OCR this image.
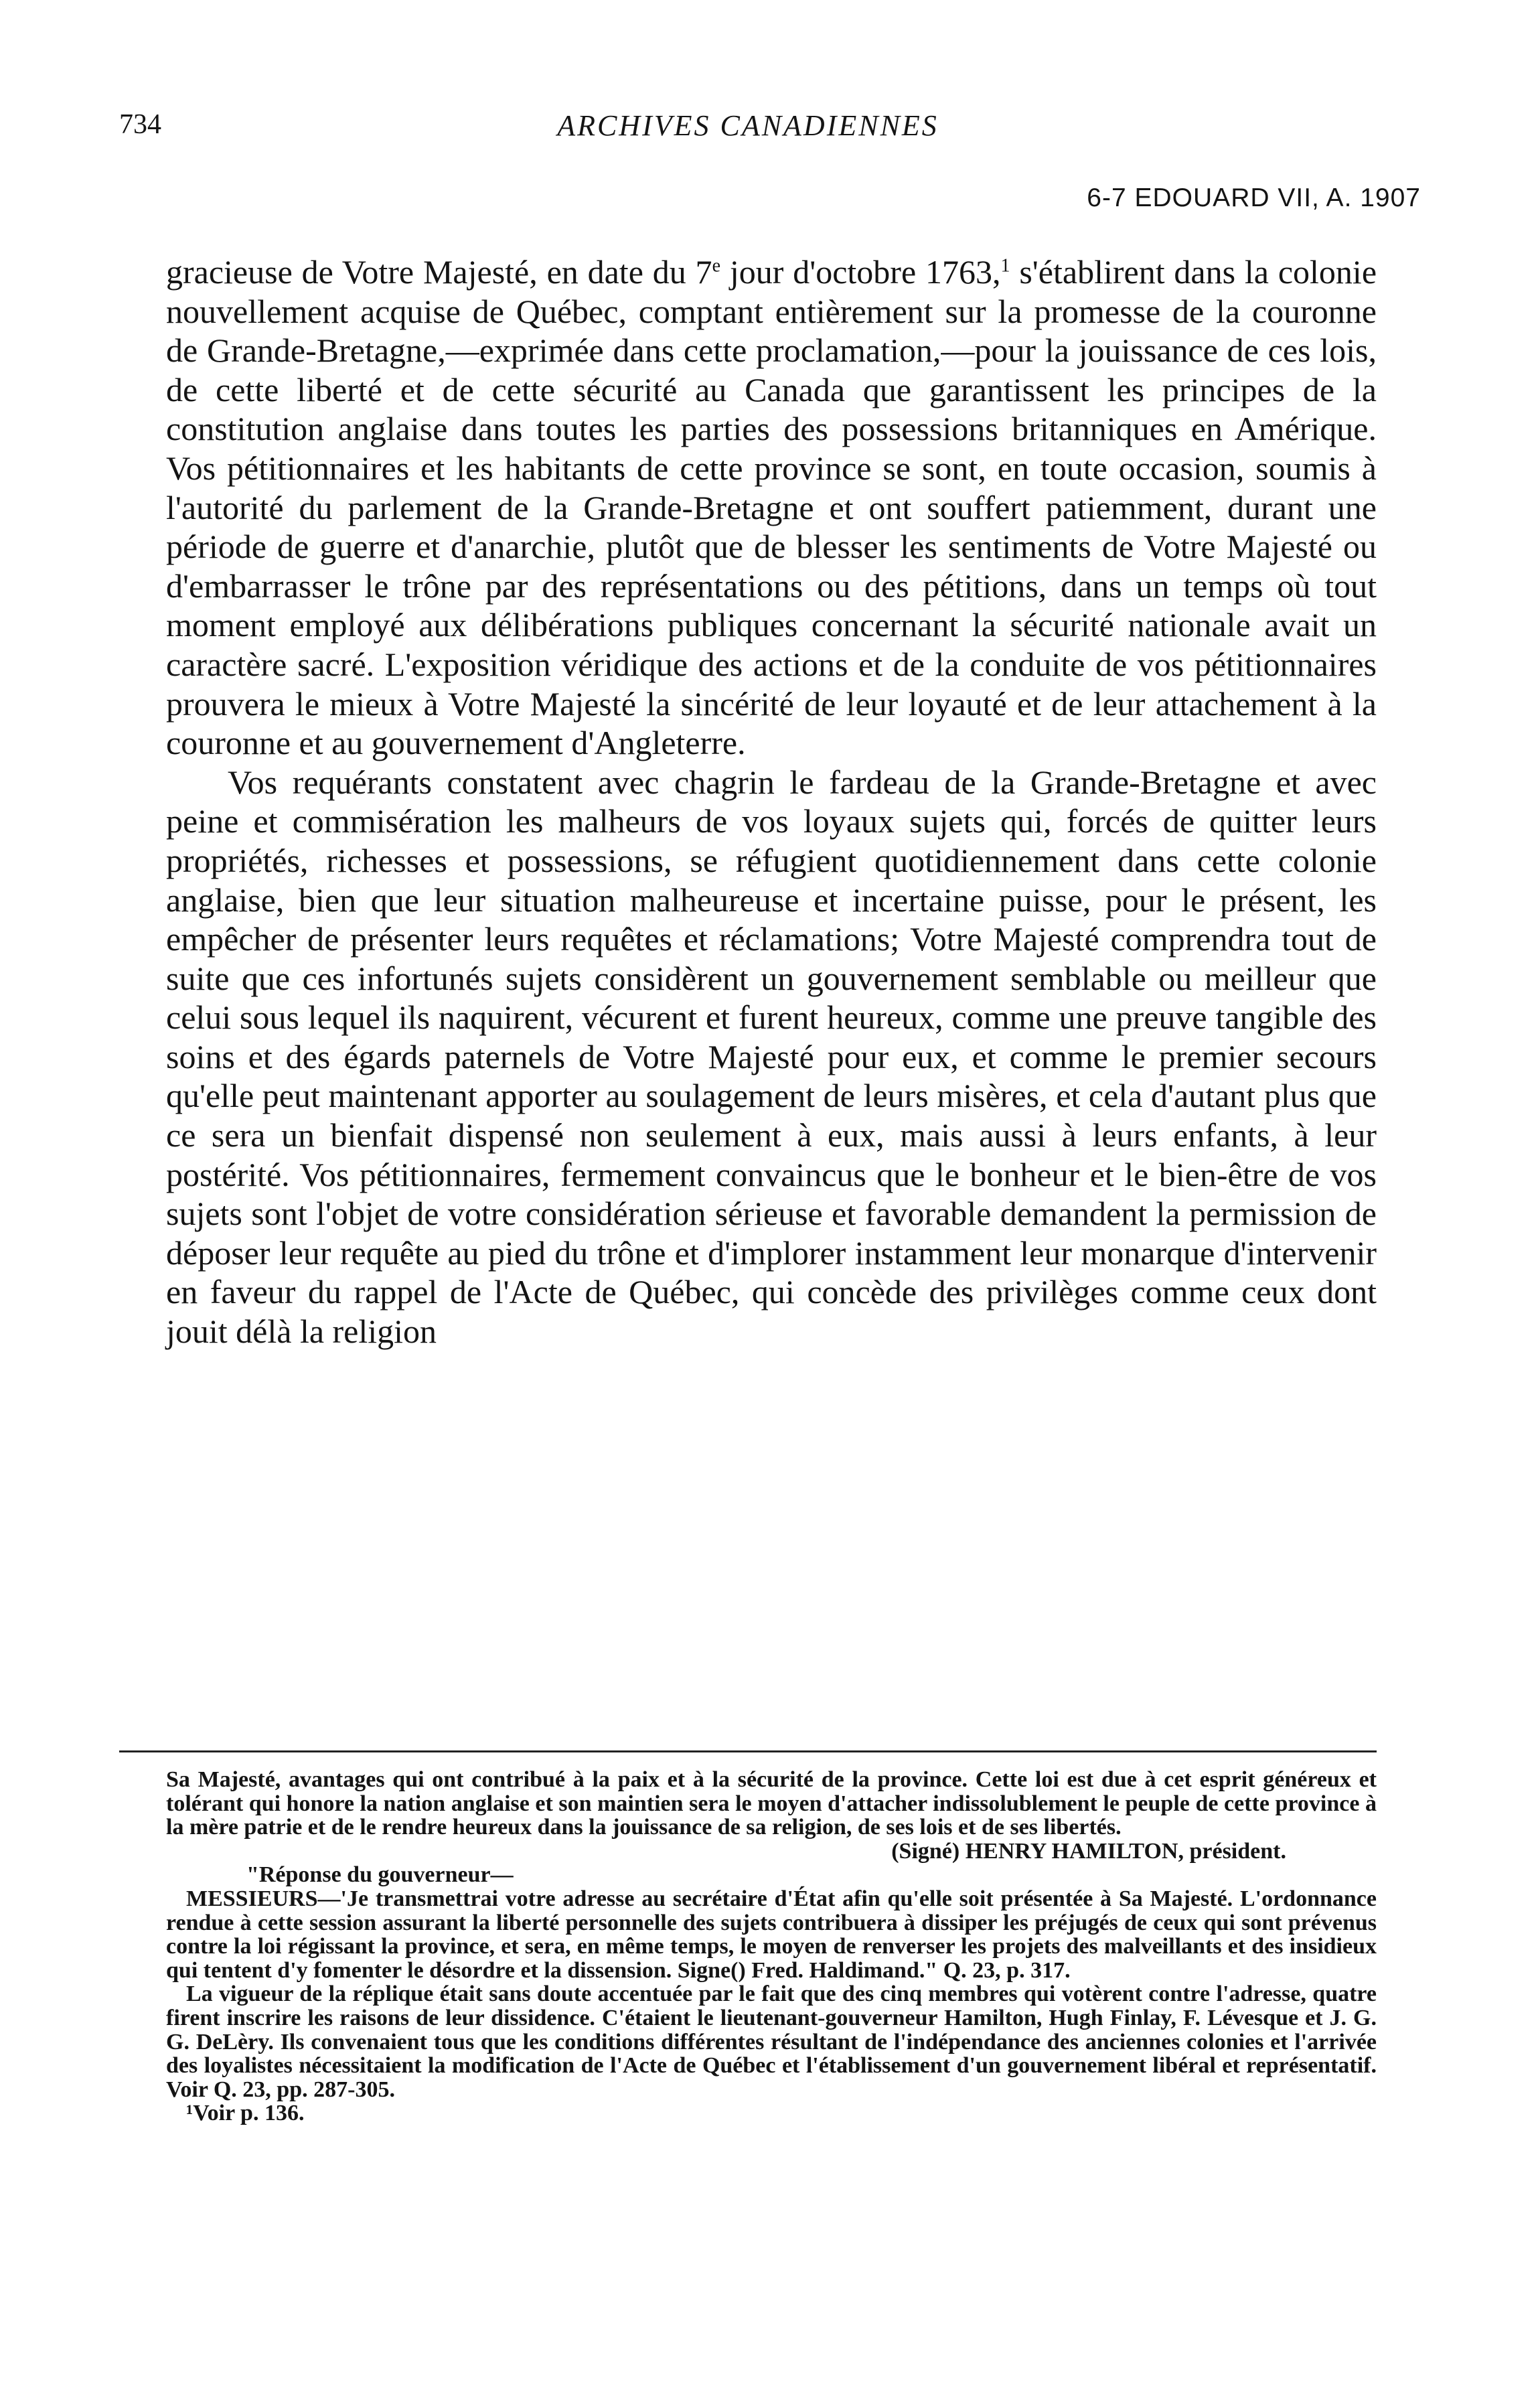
734	ARCHIVES CANADIENNES
6-7 EDOUARD VII, A. 1907

gracieuse de Votre Majesté, en date du 7e jour d'octobre 1763,$^1$ s'établirent dans la colonie nouvellement acquise de Québec, comptant entièrement sur la promesse de la couronne de Grande-Bretagne,—exprimée dans cette proclamation,—pour la jouissance de ces lois, de cette liberté et de cette sécurité au Canada que garantissent les principes de la constitution anglaise dans toutes les parties des possessions britanniques en Amérique. Vos pétitionnaires et les habitants de cette province se sont, en toute occasion, soumis à l'autorité du parlement de la Grande-Bretagne et ont souffert patiemment, durant une période de guerre et d'anarchie, plutôt que de blesser les sentiments de Votre Majesté ou d'embarrasser le trône par des représentations ou des pétitions, dans un temps où tout moment employé aux délibérations publiques concernant la sécurité nationale avait un caractère sacré. L'exposition véridique des actions et de la conduite de vos pétitionnaires prouvera le mieux à Votre Majesté la sincérité de leur loyauté et de leur attachement à la couronne et au gouvernement d'Angleterre.

Vos requérants constatent avec chagrin le fardeau de la Grande-Bretagne et avec peine et commisération les malheurs de vos loyaux sujets qui, forcés de quitter leurs propriétés, richesses et possessions, se réfugient quotidiennement dans cette colonie anglaise, bien que leur situation malheureuse et incertaine puisse, pour le présent, les empêcher de présenter leurs requêtes et réclamations; Votre Majesté comprendra tout de suite que ces infortunés sujets considèrent un gouvernement semblable ou meilleur que celui sous lequel ils naquirent, vécurent et furent heureux, comme une preuve tangible des soins et des égards paternels de Votre Majesté pour eux, et comme le premier secours qu'elle peut maintenant apporter au soulagement de leurs misères, et cela d'autant plus que ce sera un bienfait dispensé non seulement à eux, mais aussi à leurs enfants, à leur postérité. Vos pétitionnaires, fermement convaincus que le bonheur et le bien-être de vos sujets sont l'objet de votre considération sérieuse et favorable demandent la permission de déposer leur requête au pied du trône et d'implorer instamment leur monarque d'intervenir en faveur du rappel de l'Acte de Québec, qui concède des privilèges comme ceux dont jouit délà la religion

Sa Majesté, avantages qui ont contribué à la paix et à la sécurité de la province. Cette loi est due à cet esprit généreux et tolérant qui honore la nation anglaise et son maintien sera le moyen d'attacher indissolublement le peuple de cette province à la mère patrie et de le rendre heureux dans la jouissance de sa religion, de ses lois et de ses libertés.

(Signé) HENRY HAMILTON, président.

"Réponse du gouverneur—

MESSIEURS—'Je transmettrai votre adresse au secrétaire d'État afin qu'elle soit présentée à Sa Majesté. L'ordonnance rendue à cette session assurant la liberté personnelle des sujets contribuera à dissiper les préjugés de ceux qui sont prévenus contre la loi régissant la province, et sera, en même temps, le moyen de renverser les projets des malveillants et des insidieux qui tentent d'y fomenter le désordre et la dissension. Signe() Fred. Haldimand." Q. 23, p. 317.

La vigueur de la réplique était sans doute accentuée par le fait que des cinq membres qui votèrent contre l'adresse, quatre firent inscrire les raisons de leur dissidence. C'étaient le lieutenant-gouverneur Hamilton, Hugh Finlay, F. Lévesque et J. G. G. DeLèry. Ils convenaient tous que les conditions différentes résultant de l'indépendance des anciennes colonies et l'arrivée des loyalistes nécessitaient la modification de l'Acte de Québec et l'établissement d'un gouvernement libéral et représentatif. Voir Q. 23, pp. 287-305.

¹Voir p. 136.
